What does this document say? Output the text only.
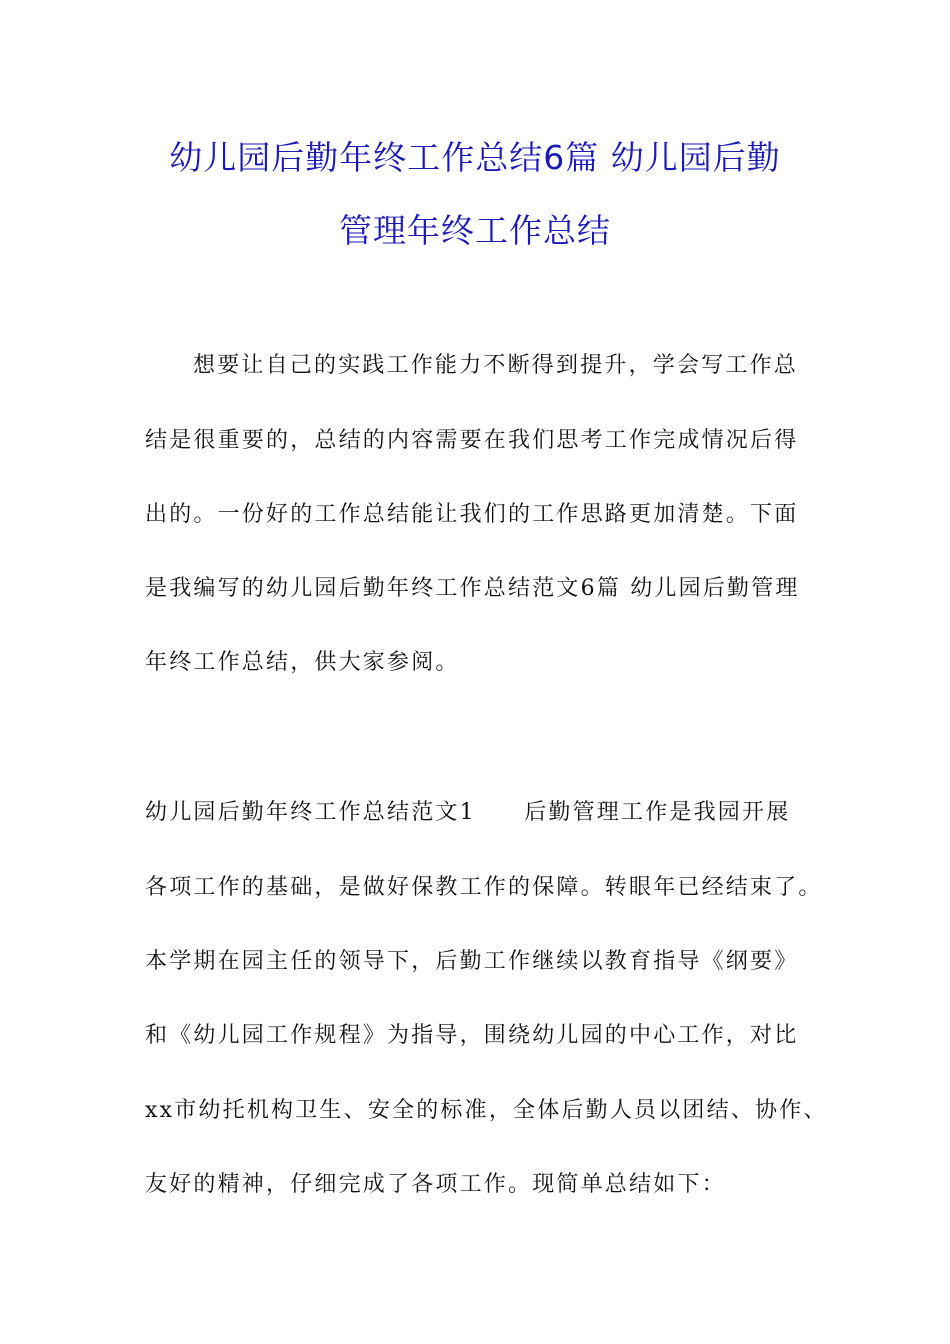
幼儿园后勤年终工作总结6篇 幼儿园后勤
管理年终工作总结
想要让自己的实践工作能力不断得到提升，学会写工作总
结是很重要的，总结的内容需要在我们思考工作完成情况后得
出的。一份好的工作总结能让我们的工作思路更加清楚。下面
是我编写的幼儿园后勤年终工作总结范文6篇 幼儿园后勤管理
年终工作总结，供大家参阅。
幼儿园后勤年终工作总结范文1　　后勤管理工作是我园开展
各项工作的基础，是做好保教工作的保障。转眼年已经结束了。
本学期在园主任的领导下，后勤工作继续以教育指导《纲要》
和《幼儿园工作规程》为指导，围绕幼儿园的中心工作，对比
xx市幼托机构卫生、安全的标准，全体后勤人员以团结、协作、
友好的精神，仔细完成了各项工作。现简单总结如下：
